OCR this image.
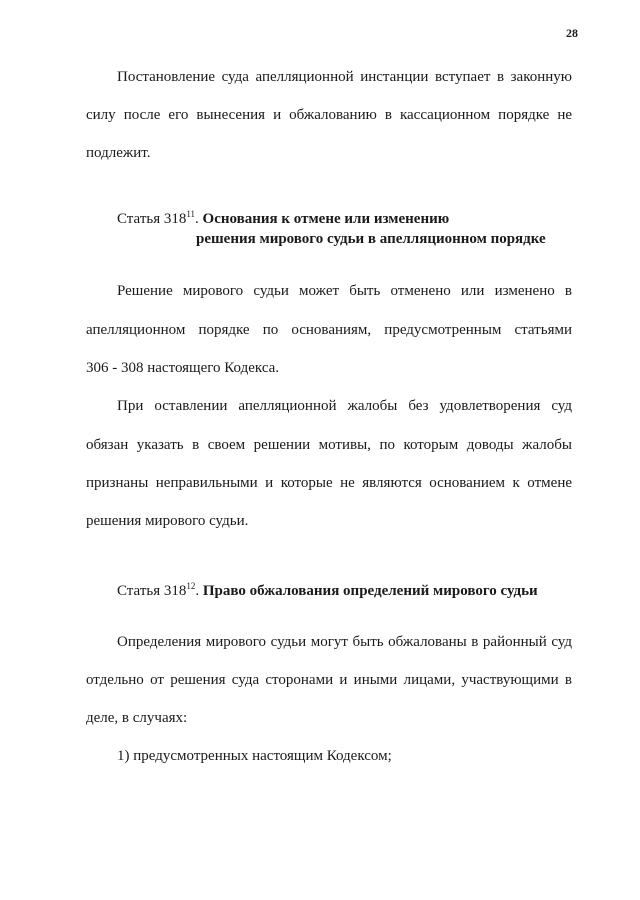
28
Постановление суда апелляционной инстанции вступает в законную
силу после его вынесения и обжалованию в кассационном порядке не
подлежит.
Статья $318^{11}$. Основания к отмене или изменению
решения мирового судьи в апелляционном порядке
Решение мирового судьи может быть отменено или изменено в
апелляционном порядке по основаниям, предусмотренным статьями
306 - 308 настоящего Кодекса.
При оставлении апелляционной жалобы без удовлетворения суд
обязан указать в своем решении мотивы, по которым доводы жалобы
признаны неправильными и которые не являются основанием к отмене
решения мирового судьи.
Статья $318^{12}$. Право обжалования определений мирового судьи
Определения мирового судьи могут быть обжалованы в районный суд
отдельно от решения суда сторонами и иными лицами, участвующими в
деле, в случаях:
1) предусмотренных настоящим Кодексом;
